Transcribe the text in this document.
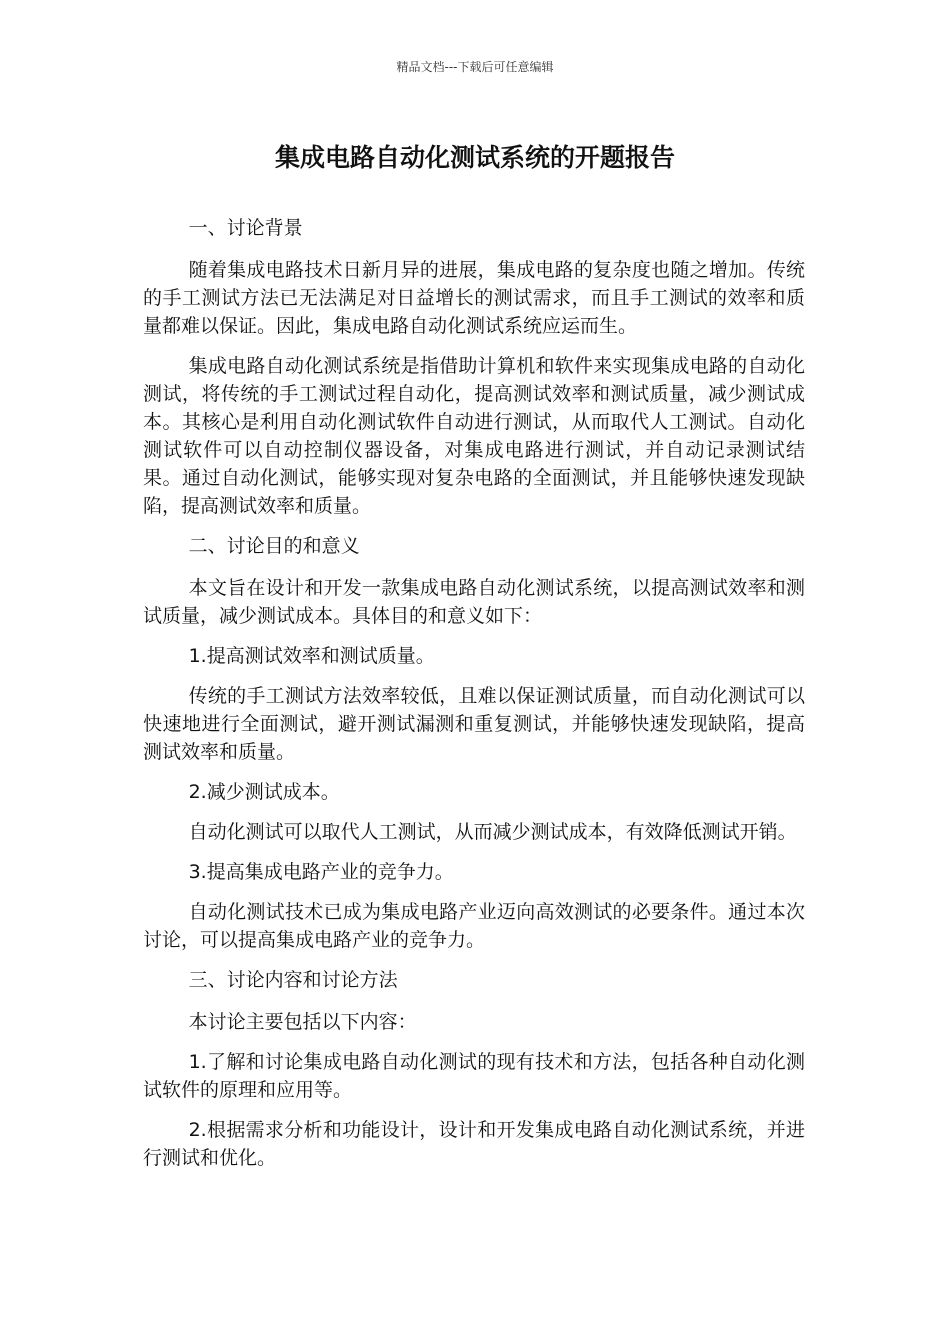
精品文档---下载后可任意编辑
集成电路自动化测试系统的开题报告

一、讨论背景

随着集成电路技术日新月异的进展，集成电路的复杂度也随之增加。传统的手工测试方法已无法满足对日益增长的测试需求，而且手工测试的效率和质量都难以保证。因此，集成电路自动化测试系统应运而生。

集成电路自动化测试系统是指借助计算机和软件来实现集成电路的自动化测试，将传统的手工测试过程自动化，提高测试效率和测试质量，减少测试成本。其核心是利用自动化测试软件自动进行测试，从而取代人工测试。自动化测试软件可以自动控制仪器设备，对集成电路进行测试，并自动记录测试结果。通过自动化测试，能够实现对复杂电路的全面测试，并且能够快速发现缺陷，提高测试效率和质量。

二、讨论目的和意义

本文旨在设计和开发一款集成电路自动化测试系统，以提高测试效率和测试质量，减少测试成本。具体目的和意义如下：

1.提高测试效率和测试质量。

传统的手工测试方法效率较低，且难以保证测试质量，而自动化测试可以快速地进行全面测试，避开测试漏测和重复测试，并能够快速发现缺陷，提高测试效率和质量。

2.减少测试成本。

自动化测试可以取代人工测试，从而减少测试成本，有效降低测试开销。

3.提高集成电路产业的竞争力。

自动化测试技术已成为集成电路产业迈向高效测试的必要条件。通过本次讨论，可以提高集成电路产业的竞争力。

三、讨论内容和讨论方法

本讨论主要包括以下内容：

1.了解和讨论集成电路自动化测试的现有技术和方法，包括各种自动化测试软件的原理和应用等。

2.根据需求分析和功能设计，设计和开发集成电路自动化测试系统，并进行测试和优化。
